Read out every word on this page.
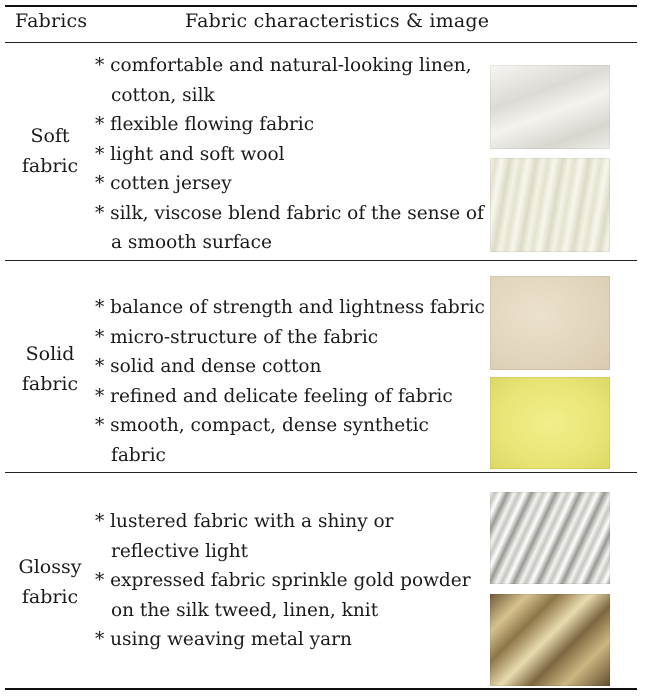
Fabrics	Fabric characteristics & image
Soft
fabric
* comfortable and natural-looking linen, cotton, silk
* flexible flowing fabric
* light and soft wool
* cotten jersey
* silk, viscose blend fabric of the sense of a smooth surface
Solid
fabric
* balance of strength and lightness fabric
* micro-structure of the fabric
* solid and dense cotton
* refined and delicate feeling of fabric
* smooth, compact, dense synthetic fabric
Glossy
fabric
* lustered fabric with a shiny or reflective light
* expressed fabric sprinkle gold powder on the silk tweed, linen, knit
* using weaving metal yarn
